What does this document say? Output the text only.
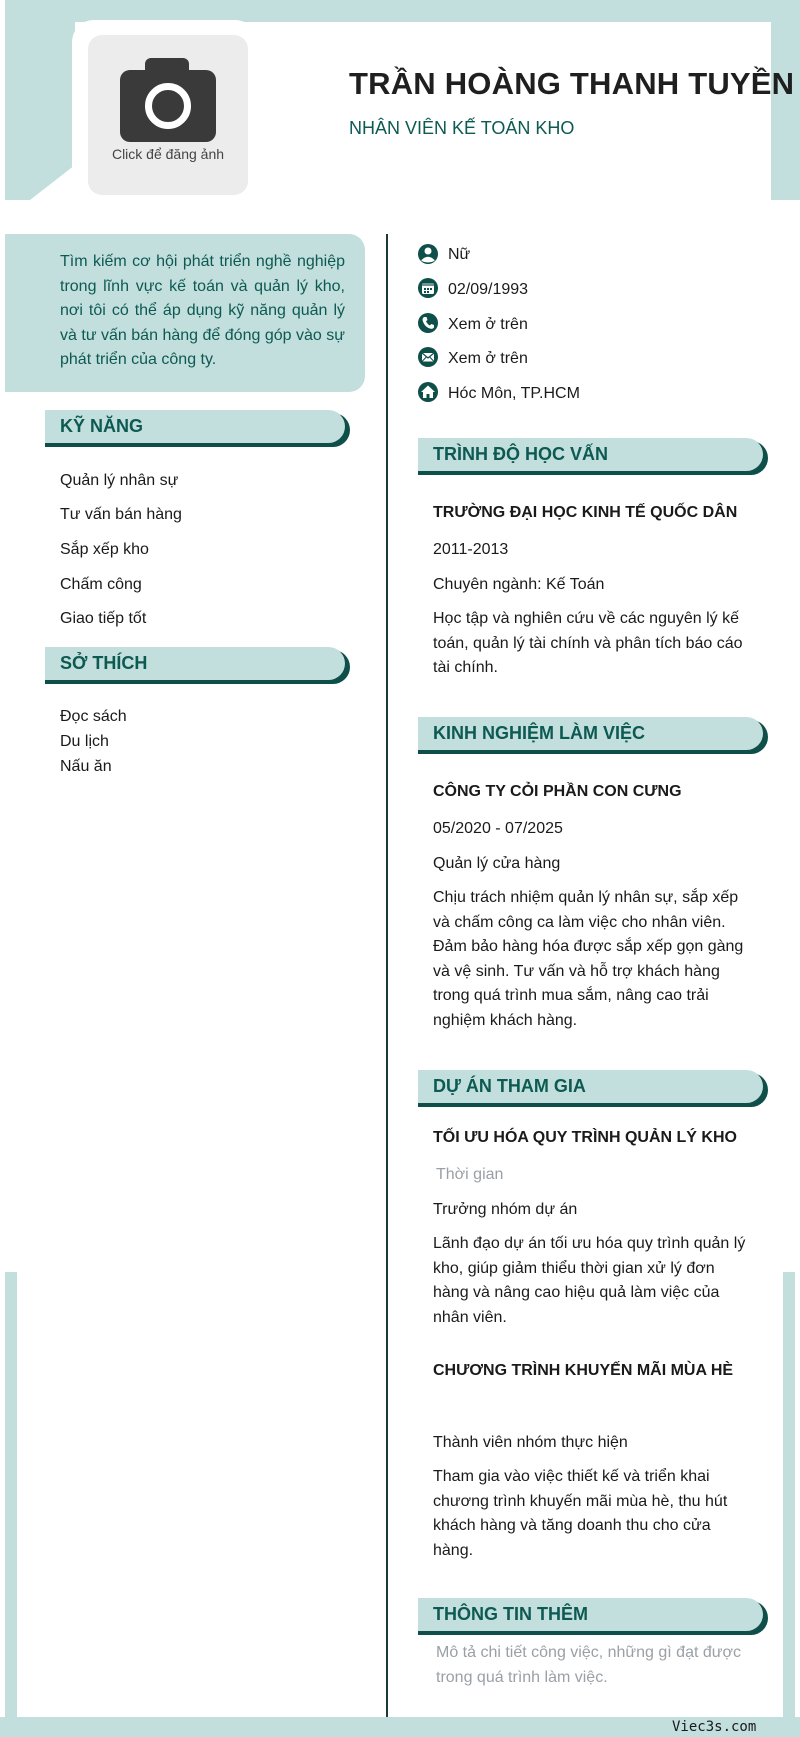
Click để đăng ảnh
TRẦN HOÀNG THANH TUYỀN
NHÂN VIÊN KẾ TOÁN KHO
Tìm kiếm cơ hội phát triển nghề nghiệp trong lĩnh vực kế toán và quản lý kho, nơi tôi có thể áp dụng kỹ năng quản lý và tư vấn bán hàng để đóng góp vào sự phát triển của công ty.
KỸ NĂNG
Quản lý nhân sự
Tư vấn bán hàng
Sắp xếp kho
Chấm công
Giao tiếp tốt
SỞ THÍCH
Đọc sách
Du lịch
Nấu ăn
Nữ
02/09/1993
Xem ở trên
Xem ở trên
Hóc Môn, TP.HCM
TRÌNH ĐỘ HỌC VẤN
TRƯỜNG ĐẠI HỌC KINH TẾ QUỐC DÂN
2011-2013
Chuyên ngành: Kế Toán
Học tập và nghiên cứu về các nguyên lý kế toán, quản lý tài chính và phân tích báo cáo tài chính.
KINH NGHIỆM LÀM VIỆC
CÔNG TY CỎI PHẦN CON CƯNG
05/2020 - 07/2025
Quản lý cửa hàng
Chịu trách nhiệm quản lý nhân sự, sắp xếp và chấm công ca làm việc cho nhân viên. Đảm bảo hàng hóa được sắp xếp gọn gàng và vệ sinh. Tư vấn và hỗ trợ khách hàng trong quá trình mua sắm, nâng cao trải nghiệm khách hàng.
DỰ ÁN THAM GIA
TỐI ƯU HÓA QUY TRÌNH QUẢN LÝ KHO
Thời gian
Trưởng nhóm dự án
Lãnh đạo dự án tối ưu hóa quy trình quản lý kho, giúp giảm thiểu thời gian xử lý đơn hàng và nâng cao hiệu quả làm việc của nhân viên.
CHƯƠNG TRÌNH KHUYẾN MÃI MÙA HÈ
Thành viên nhóm thực hiện
Tham gia vào việc thiết kế và triển khai chương trình khuyến mãi mùa hè, thu hút khách hàng và tăng doanh thu cho cửa hàng.
THÔNG TIN THÊM
Mô tả chi tiết công việc, những gì đạt được trong quá trình làm việc.
Viec3s.com
